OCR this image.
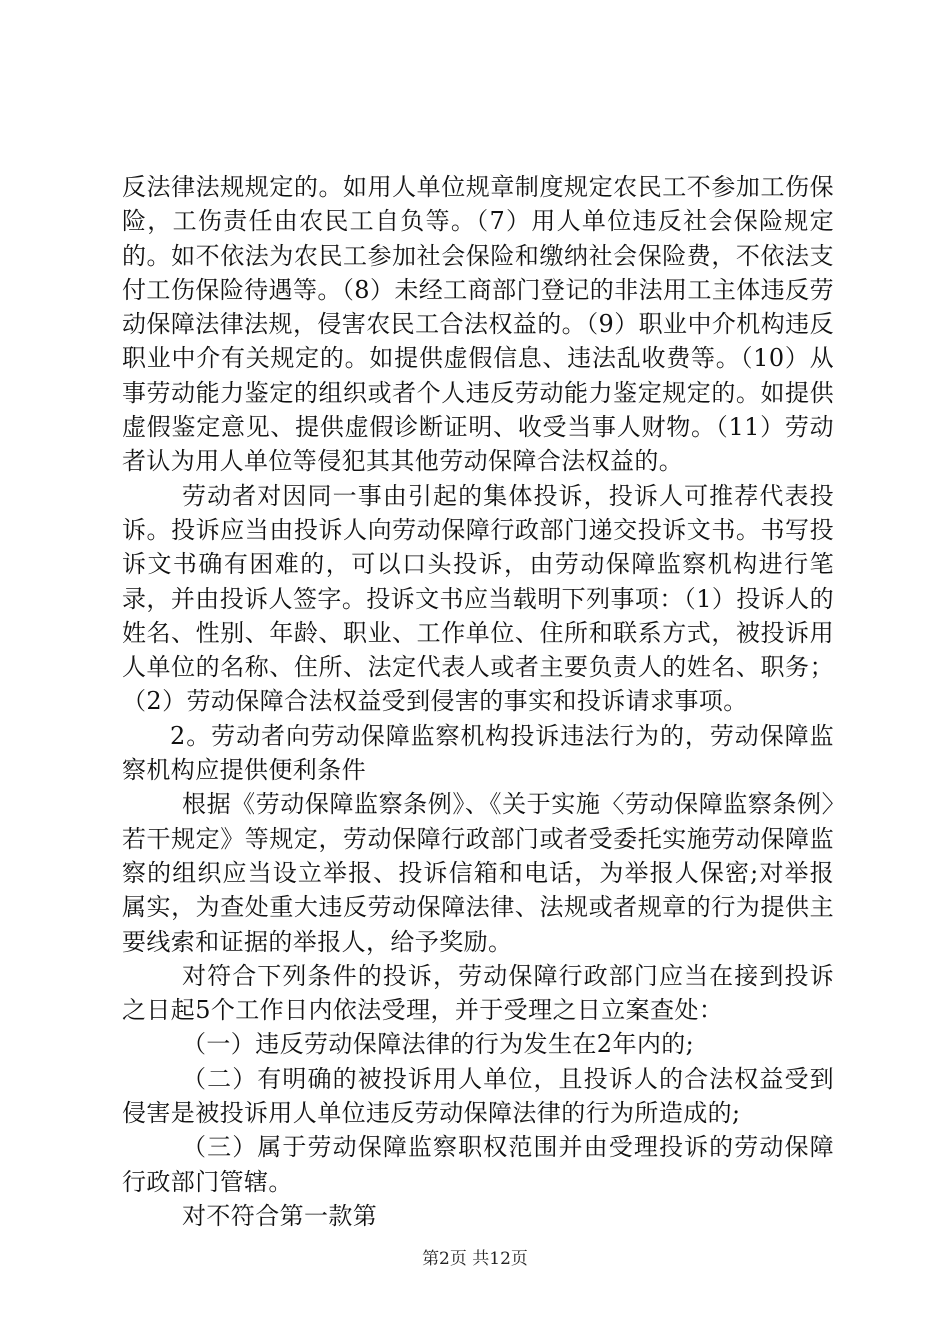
反法律法规规定的。如用人单位规章制度规定农民工不参加工伤保险，工伤责任由农民工自负等。（7）用人单位违反社会保险规定的。如不依法为农民工参加社会保险和缴纳社会保险费，不依法支付工伤保险待遇等。（8）未经工商部门登记的非法用工主体违反劳动保障法律法规，侵害农民工合法权益的。（9）职业中介机构违反职业中介有关规定的。如提供虚假信息、违法乱收费等。（10）从事劳动能力鉴定的组织或者个人违反劳动能力鉴定规定的。如提供虚假鉴定意见、提供虚假诊断证明、收受当事人财物。（11）劳动者认为用人单位等侵犯其其他劳动保障合法权益的。

劳动者对因同一事由引起的集体投诉，投诉人可推荐代表投诉。投诉应当由投诉人向劳动保障行政部门递交投诉文书。书写投诉文书确有困难的，可以口头投诉，由劳动保障监察机构进行笔录，并由投诉人签字。投诉文书应当载明下列事项：（1）投诉人的姓名、性别、年龄、职业、工作单位、住所和联系方式，被投诉用人单位的名称、住所、法定代表人或者主要负责人的姓名、职务；（2）劳动保障合法权益受到侵害的事实和投诉请求事项。

2。劳动者向劳动保障监察机构投诉违法行为的，劳动保障监察机构应提供便利条件

根据《劳动保障监察条例》、《关于实施〈劳动保障监察条例〉若干规定》等规定，劳动保障行政部门或者受委托实施劳动保障监察的组织应当设立举报、投诉信箱和电话，为举报人保密;对举报属实，为查处重大违反劳动保障法律、法规或者规章的行为提供主要线索和证据的举报人，给予奖励。

对符合下列条件的投诉，劳动保障行政部门应当在接到投诉之日起5个工作日内依法受理，并于受理之日立案查处：

（一）违反劳动保障法律的行为发生在2年内的;

（二）有明确的被投诉用人单位，且投诉人的合法权益受到侵害是被投诉用人单位违反劳动保障法律的行为所造成的;

（三）属于劳动保障监察职权范围并由受理投诉的劳动保障行政部门管辖。

对不符合第一款第

第2页 共12页
